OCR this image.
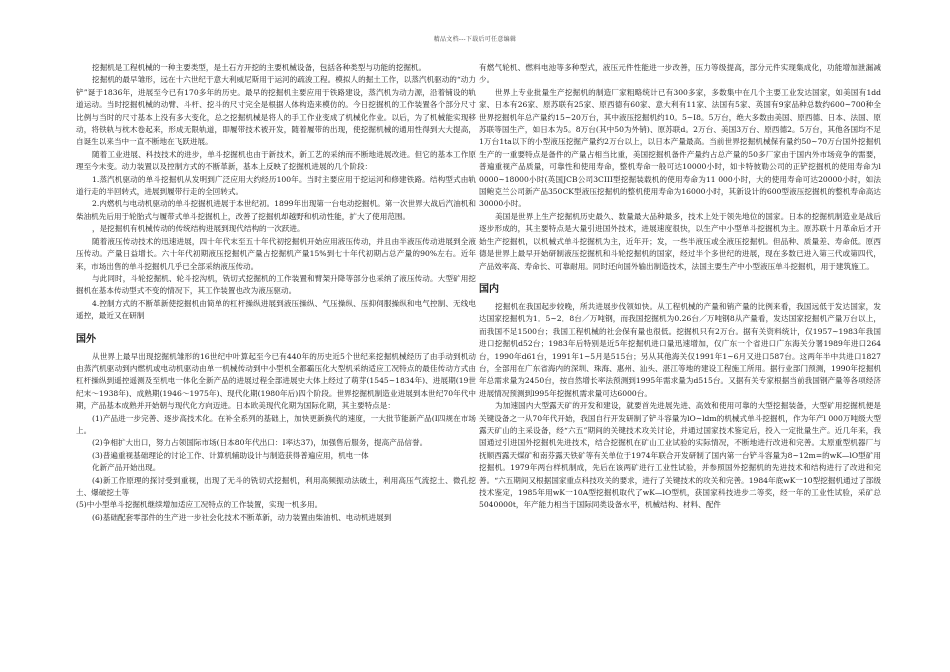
精品文档---下载后可任意编辑

挖掘机是工程机械的一种主要类型，是土石方开挖的主要机械设备，包括各种类型与功能的挖掘机。

挖掘机的最早雏形，远在十六世纪于意大利威尼斯用于运河的疏浚工程。模拟人的掘土工作，以蒸汽机驱动的“动力铲”诞于1836年，进展至今已有170多年的历史。最早的挖掘机主要应用于铁路建设，蒸汽机为动力源，沿着铺设的轨道运动。当时挖掘机械的动臂、斗杆、挖斗的尺寸完全是根据人体构造来模仿的。今日挖掘机的工作装置各个部分尺寸比例与当时的尺寸基本上没有多大变化，总之挖掘机械是将人的手工作业变成了机械化作业。以后，为了机械能实现移动，将铁轨与枕木卷起来，形成无限轨道，即履带技术被开发，随着履带的出现，使挖掘机械的通用性得到大大提高，自诞生以来当中一直不断地在飞跃进展。

随着工业进展、科技技术的进步，单斗挖掘机也由于新技术，新工艺的采纳而不断地进展改进。但它的基本工作原理至今未变。动力装置以及控制方式的不断革新，基本上反映了挖掘机进展的几个阶段：

1.蒸汽机驱动的单斗挖掘机从发明到广泛应用大约经历100年。当时主要应用于挖运河和修建铁路。结构型式由轨道行走的半回转式，进展到履带行走的全回转式。

2.内燃机与电动机驱动的单斗挖掘机进展于本世纪初。1899年出现第一台电动挖掘机。第一次世界大战后汽油机和柴油机先后用于轮胎式与履带式单斗挖掘机上，改善了挖掘机却越野和机动性能，扩大了使用范围。

，是挖掘机有机械传动的传统结构进展到现代结构的一次跃进。

随着液压传动技术的迅速进展，四十年代末至五十年代初挖掘机开始应用液压传动，并且由半液压传动进展到全液压传动。产量日益增长。六十年代初期液压挖掘机产量占挖掘机产量15%到七十年代初期占总产量的90%左右。近年来，市场出售的单斗挖掘机几乎已全部采纳液压传动。

与此同时，斗轮挖掘机、轮斗挖沟机，铣切式挖掘机的工作装置和臂架升降等部分也采纳了液压传动。大型矿用挖掘机在基本传动型式不变的情况下，其工作装置也改为液压驱动。

4.控制方式的不断革新使挖掘机由简单的杠杆操纵进展到液压操纵、气压操纵、压抑伺服操纵和电气控制、无线电遥控，最近又在研制

国外

从世界上最早出现挖掘机雏形的16世纪中叶算起至今已有440年的历史近5个世纪来挖掘机械经历了由手动到机动由蒸汽机驱动到内燃机或电动机驱动由单一机械传动到中小型机全都霸压化大型机采纳适应工况特点的最佳传动方式由杠杆操纵到遥控遥测及至机电一体化全新产品的进展过程全部进展史大体上经过了萌芽(1545~1834年)、进展期(19世纪末～1938年)、成熟期(1946～1975年)、现代化期(1980年后)四个阶段。世界挖掘机制造业进展到本世纪70年代中期，产品基本成熟并开始朝与现代化方向迈进。日本欧美现代化期为国际化期，其主要特点是：

(1)产品进一步完善、逐步高技术化。在补全系列的基础上，加快更新换代的速度，一大批节能新产品(I四规在市场上。

(2)争相扩大出口，努力占领国际市场(日本80年代出口：I率达37)，加强售后服务，提高产品信誉。

(3)普遍重视基础理论的讨论工作、计算机辅助设计与制造获得普遍应用，机电一体

化新产品开始出现。

(4)新工作原理的探讨受到重视，出现了无斗的铣切式挖掘机，利用高频振动法破土，利用高压气流挖土、微孔挖土、爆破挖土等

(5)中小型单斗挖掘机继续增加适应工况特点的工作装置，实现一机多用。

(6)基础配套零部件的生产进一步社会化技术不断革新，动力装置由柴油机、电动机进展到

有燃气轮机、燃料电池等多种型式，液压元件性能进一步改善，压力等级提高，部分元件实现集成化，功能增加泄漏减少。

世界上专业批量生产挖掘机的制造厂家粗略统计已有300多家，多数集中在几个主要工业发达国家，如美国有1dd家、日本有26家、原苏联有25家、原西德有60家、意大利有11家、法国有5家、英国有9家品种总数约600~700种全世界挖掘机年总产量约15~20万台，其中液压挖掘机约10。5~I8。5万台，绝大多数由美国、原西德、日本、法国、原苏联等国生产，如日本为5。8万台(其中50为外销)、原苏联d。2万台、美国3万台、原西德2。5万台，其他各国均不足1万台1ta以下的小型液压挖掘产量约2万台以上，以日本产量最高。当前世界挖掘机械保有量约50~70万台国外挖掘机生产的一重要特点是备件的产量占相当比重，美国挖掘机备件产量约占总产量的50多厂家由于国内外市场竞争的需要，普遍重视产品质量，可靠性和使用寿命，整机寿命一般可达10000小时，如卡特彼勒公司的正铲挖掘机的使用寿命为l 0000~18000小时(英国JCB公司3CIII型挖掘装载机的使用寿命为11 000小时，大的使用寿命可达20000小时，如法国鲍克兰公司新产品350CK型液压挖掘机的整机使用寿命为16000小时，其新设计的600型液压挖掘机的整机寿命高达30000小时。

美国是世界上生产挖掘机历史最久、数量最大品种最多，技术上处于领先地位的国家。日本的挖掘机制造业是战后逐步形成的，其主要特点是大量引进国外技术，进展速度很快，以生产中小型单斗挖掘机为主。原苏联十月革命后才开始生产挖掘机，以机械式单斗挖掘机为主，近年开；发，一些半液压或全液压挖掘机。但品种、质量差、寿命低。原西德是世界上最早开始研制液压挖掘机和斗轮挖掘机的国家，经过半个多世纪的进展，现在多数已进入第三代或第四代，产品效率高、寿命长、可靠耐用。同时还向国外输出制造技术，法国主要生产中小型液压单斗挖掘机，用于建筑施工。

国内

挖掘机在我国起步较晚，所共进展步伐领如快。从工程机械的产量和销产量的比例来看，我国远低于发达国家，发达国家挖掘机为1．5~2．8台／万吨钢，而我国挖掘机为0.26台／万吨钢8从产量看，发达国家挖掘机产量万台以上，而我国不足1500台；我国工程机械的社会保有量也很低。挖掘机只有2万台。据有关资料统计，仅1957~1983年我国进口挖掘机d52台；1983年后特别是近5年挖掘机进口量迅速增加，仅广东一个省进口广东海关分署1989年进口264台，1990年d61台，1991年1~5月是515台；另从其他海关仅1991年1~6月又进口587台。这两年半中共进口1827台，全部用在广东省海内的深圳、珠海、惠州、汕头、湛江等地的建设工程施工所用。据行业部门预测，1990年挖掘机年总需求量为2450台，按自然增长率法预测到1995年需求量为d515台。又据有关专家根据当前我国钢产量等各项经济进展情况预测到l995年挖掘机需求量可达6000台。

为加速国内大型露天矿的开发和建设，就要首先进展先进、高效和使用可靠的大型挖掘装备，大型矿用挖掘机便是关键设备之一从70年代开始，我国自行开发研制了铲斗容量为lO~ldm的机械式单斗挖掘机，作为年产l 000万吨级大型露天矿山的主采设备，经“六五”期间的关键技术攻关讨论，并通过国家技术鉴定后，投入一定批量生产。近几年来，我国通过引进国外挖掘机先进技术，结合挖掘机在矿山工业试验的实际情况，不断地进行改进和完善。太原重型机器厂与抚顺西露天煤矿和南芬露天铁矿等有关单位于1974年联合开发研制了国内第一台铲斗容量为8~12m=的wK—lO型矿用挖掘机。1979年两台样机制成，先后在该两矿进行工业性试验，并参照国外挖掘机的先进技术和结构进行了改进和完善。“六五期间又根据国家重点科技攻关的要求，进行了关键技术的攻关和完善。1984年底wK一10型挖掘机通过了部级技术鉴定，1985年用wK一10A型挖掘机取代了wK—lO型机，获国家科技进步二等奖，经一年的工业性试验，采矿总5040000t，年产能力相当于国际同类设备水平，机械结构、材料、配件
